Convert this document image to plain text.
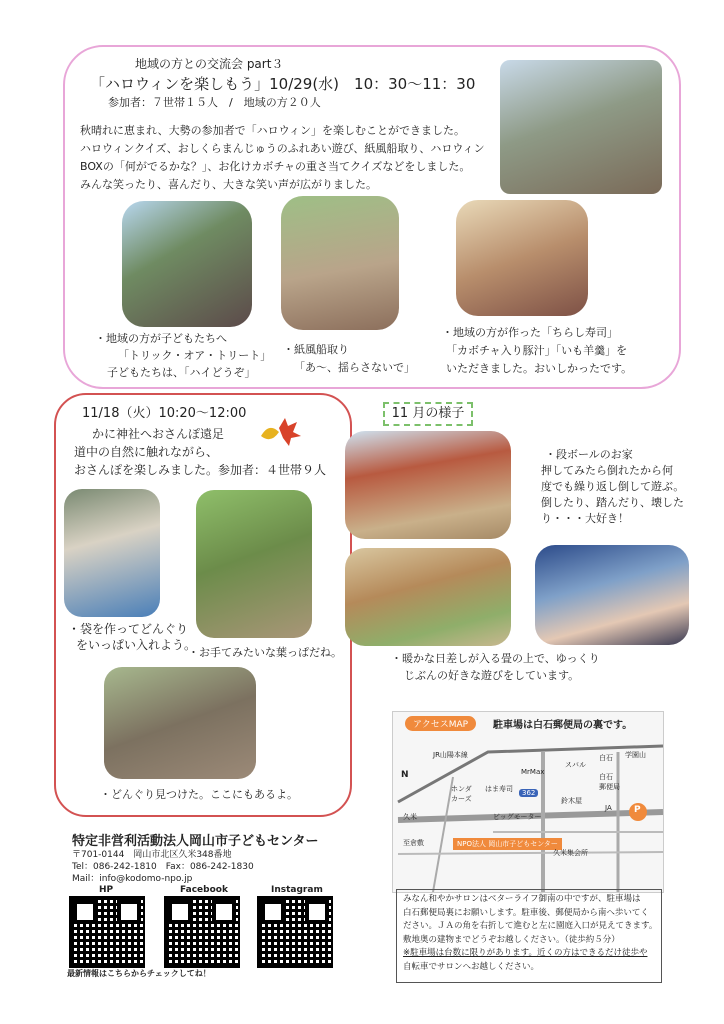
地域の方との交流会 part３
「ハロウィンを楽しもう」10/29(水)　10：30〜11：30
参加者：７世帯１５人　/　地域の方２０人
秋晴れに恵まれ、大勢の参加者で「ハロウィン」を楽しむことができました。
ハロウィンクイズ、おしくらまんじゅうのふれあい遊び、紙風船取り、ハロウィン
BOXの「何がでるかな？」、お化けカボチャの重さ当てクイズなどをしました。
みんな笑ったり、喜んだり、大きな笑い声が広がりました。
・地域の方が子どもたちへ
「トリック・オア・トリート」
子どもたちは、「ハイどうぞ」
・紙風船取り
「あ〜、揺らさないで」
・地域の方が作った「ちらし寿司」
「カボチャ入り豚汁」「いも羊羹」を
いただきました。おいしかったです。
11/18（火）10:20〜12:00
かに神社へおさんぽ遠足
道中の自然に触れながら、
おさんぽを楽しみました。参加者：４世帯９人
・袋を作ってどんぐり
をいっぱい入れよう。
・お手てみたいな葉っぱだね。
・どんぐり見つけた。ここにもあるよ。
11 月の様子
・段ボールのお家
押してみたら倒れたから何
度でも繰り返し倒して遊ぶ。
倒したり、踏んだり、壊した
り・・・大好き！
・暖かな日差しが入る畳の上で、ゆっくり
じぶんの好きな遊びをしています。
特定非営利活動法人岡山市子どもセンター
〒701-0144　岡山市北区久米348番地
Tel：086-242-1810　Fax：086-242-1830
Mail：info@kodomo-npo.jp
HP	Facebook	Instagram
最新情報はこちらからチェックしてね！
アクセスMAP	駐車場は白石郵便局の裏です。
N
JR山陽本線
ホンダ
カーズ
はま寿司
MrMax
スバル
白石 学園山
白石
郵便局
JA
鈴木屋
ビッグモーター
久米
至倉敷	NPO法人 岡山市子どもセンター
久米集会所
362
P
みなん和やかサロンはベターライフ御南の中ですが、駐車場は
白石郵便局裏にお願いします。駐車後、郵便局から南へ歩いてく
ださい。ＪＡの角を右折して進むと左に園庭入口が見えてきます。
敷地奥の建物までどうぞお越しください。（徒歩約５分）
※駐車場は台数に限りがあります。近くの方はできるだけ徒歩や
自転車でサロンへお越しください。
